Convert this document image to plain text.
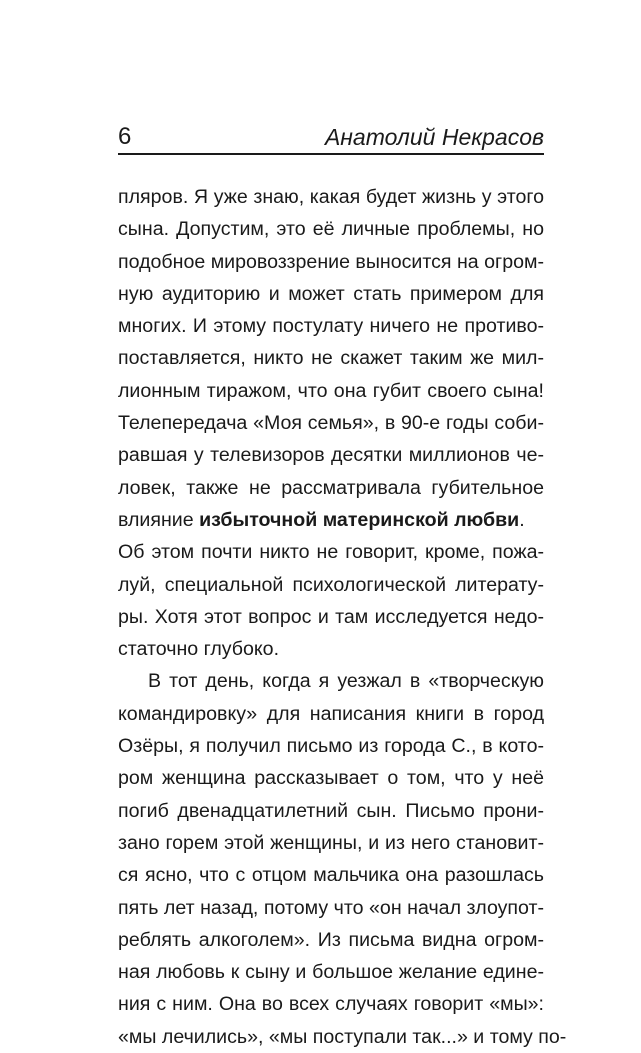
6	Анатолий Некрасов
пляров. Я уже знаю, какая будет жизнь у этого
сына. Допустим, это её личные проблемы, но
подобное мировоззрение выносится на огром-
ную аудиторию и может стать примером для
многих. И этому постулату ничего не противо-
поставляется, никто не скажет таким же мил-
лионным тиражом, что она губит своего сына!
Телепередача «Моя семья», в 90-е годы соби-
равшая у телевизоров десятки миллионов че-
ловек, также не рассматривала губительное
влияние избыточной материнской любви.
Об этом почти никто не говорит, кроме, пожа-
луй, специальной психологической литерату-
ры. Хотя этот вопрос и там исследуется недо-
статочно глубоко.
В тот день, когда я уезжал в «творческую
командировку» для написания книги в город
Озёры, я получил письмо из города С., в кото-
ром женщина рассказывает о том, что у неё
погиб двенадцатилетний сын. Письмо прони-
зано горем этой женщины, и из него становит-
ся ясно, что с отцом мальчика она разошлась
пять лет назад, потому что «он начал злоупот-
реблять алкоголем». Из письма видна огром-
ная любовь к сыну и большое желание едине-
ния с ним. Она во всех случаях говорит «мы»:
«мы лечились», «мы поступали так...» и тому по-
